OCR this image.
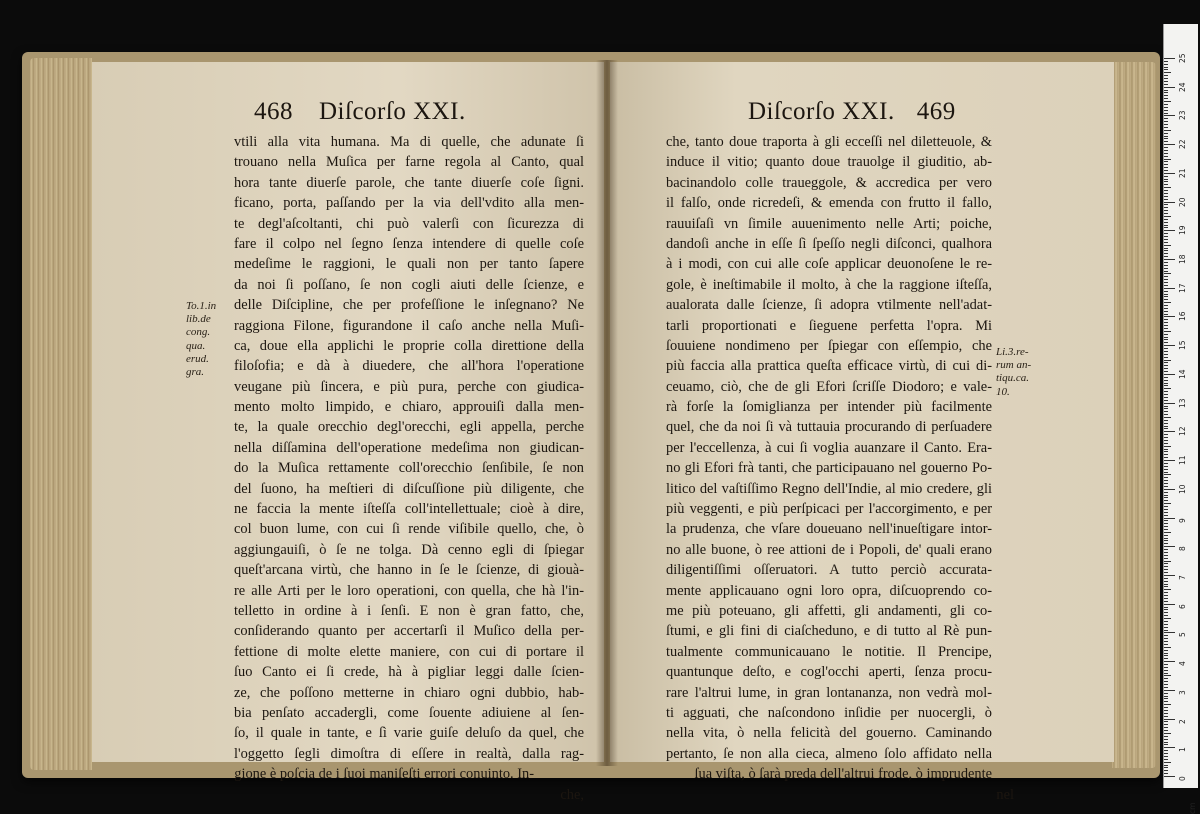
468 Diſcorſo XXI.
vtili alla vita humana. Ma di quelle, che adunate ſi
trouano nella Muſica per farne regola al Canto, qual
hora tante diuerſe parole, che tante diuerſe coſe ſigni.
ficano, porta, paſſando per la via dell'vdito alla men-
te degl'aſcoltanti, chi può valerſi con ſicurezza di
fare il colpo nel ſegno ſenza intendere di quelle coſe
medeſime le raggioni, le quali non per tanto ſapere
da noi ſi poſſano, ſe non cogli aiuti delle ſcienze, e
delle Diſcipline, che per profeſſione le inſegnano? Ne
raggiona Filone, figurandone il caſo anche nella Muſi-
ca, doue ella applichi le proprie colla direttione della
filoſofia; e dà à diuedere, che all'hora l'operatione
veugane più ſincera, e più pura, perche con giudica-
mento molto limpido, e chiaro, approuiſi dalla men-
te, la quale orecchio degl'orecchi, egli appella, perche
nella diſſamina dell'operatione medeſima non giudican-
do la Muſica rettamente coll'orecchio ſenſibile, ſe non
del ſuono, ha meſtieri di diſcuſſione più diligente, che
ne faccia la mente iſteſſa coll'intellettuale; cioè à dire,
col buon lume, con cui ſi rende viſibile quello, che, ò
aggiungauiſi, ò ſe ne tolga. Dà cenno egli di ſpiegar
queſt'arcana virtù, che hanno in ſe le ſcienze, di giouà-
re alle Arti per le loro operationi, con quella, che hà l'in-
telletto in ordine à i ſenſi. E non è gran fatto, che,
conſiderando quanto per accertarſi il Muſico della per-
fettione di molte elette maniere, con cui di portare il
ſuo Canto ei ſi crede, hà à pigliar leggi dalle ſcien-
ze, che poſſono metterne in chiaro ogni dubbio, hab-
bia penſato accadergli, come ſouente adiuiene al ſen-
ſo, il quale in tante, e ſì varie guiſe deluſo da quel, che
l'oggetto ſegli dimoſtra di eſſere in realtà, dalla rag-
gione è poſcia de i ſuoi maniſeſti errori conuinto. In-
che,
To.1.in
lib.de
cong.
qua.
erud.
gra.
Diſcorſo XXI. 469
che, tanto doue traporta à gli ecceſſi nel diletteuole, &
induce il vitio; quanto doue trauolge il giuditio, ab-
bacinandolo colle traueggole, & accredica per vero
il falſo, onde ricredeſi, & emenda con frutto il fallo,
rauuiſaſi vn ſimile auuenimento nelle Arti; poiche,
dandoſi anche in eſſe ſì ſpeſſo negli diſconci, qualhora
à i modi, con cui alle coſe applicar deuonoſene le re-
gole, è ineſtimabile il molto, à che la raggione iſteſſa,
aualorata dalle ſcienze, ſi adopra vtilmente nell'adat-
tarli proportionati e ſieguene perfetta l'opra. Mi
ſouuiene nondimeno per ſpiegar con eſſempio, che
più faccia alla prattica queſta efficace virtù, di cui di-
ceuamo, ciò, che de gli Efori ſcriſſe Diodoro; e vale-
rà forſe la ſomiglianza per intender più facilmente
quel, che da noi ſi và tuttauia procurando di perſuadere
per l'eccellenza, à cui ſi voglia auanzare il Canto. Era-
no gli Efori frà tanti, che participauano nel gouerno Po-
litico del vaſtiſſimo Regno dell'Indie, al mio credere, gli
più veggenti, e più perſpicaci per l'accorgimento, e per
la prudenza, che vſare doueuano nell'inueſtigare intor-
no alle buone, ò ree attioni de i Popoli, de' quali erano
diligentiſſimi oſſeruatori. A tutto perciò accurata-
mente applicauano ogni loro opra, diſcuoprendo co-
me più poteuano, gli affetti, gli andamenti, gli co-
ſtumi, e gli fini di ciaſcheduno, e di tutto al Rè pun-
tualmente communicauano le notitie. Il Prencipe,
quantunque deſto, e cogl'occhi aperti, ſenza procu-
rare l'altrui lume, in gran lontananza, non vedrà mol-
ti agguati, che naſcondono inſidie per nuocergli, ò
nella vita, ò nella felicità del gouerno. Caminando
pertanto, ſe non alla cieca, almeno ſolo affidato nella
ſua viſta, ò ſarà preda dell'altrui frode, ò imprudente
nel
Li.3.re-
rum an-
tiqu.ca.
10.
0
1
2
3
4
5
6
7
8
9
10
11
12
13
14
15
16
17
18
19
20
21
22
23
24
25
cm
